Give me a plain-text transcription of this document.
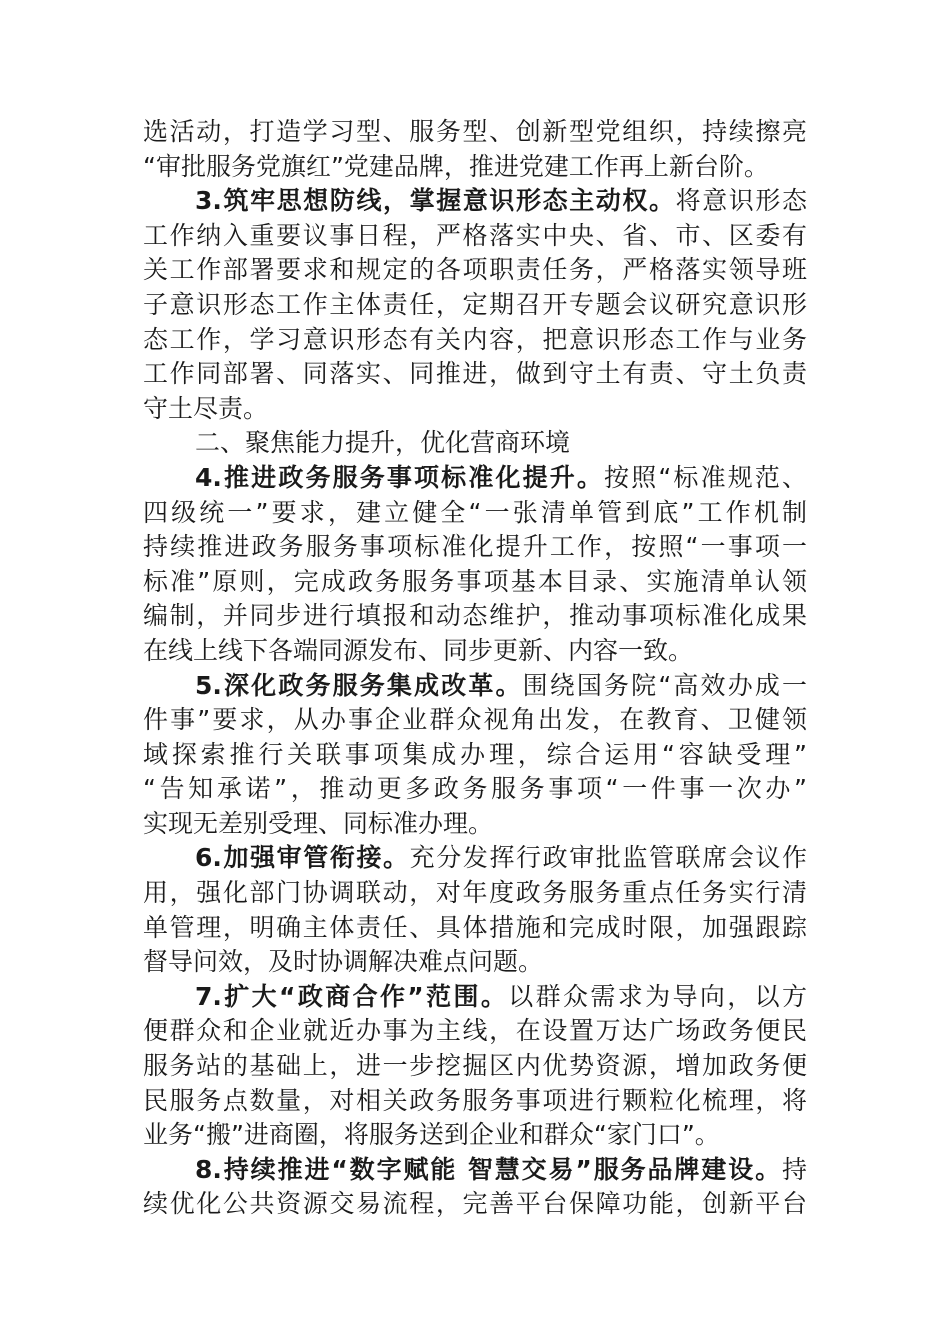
选活动，打造学习型、服务型、创新型党组织，持续擦亮
“审批服务党旗红”党建品牌，推进党建工作再上新台阶。
3.筑牢思想防线，掌握意识形态主动权。将意识形态
工作纳入重要议事日程，严格落实中央、省、市、区委有
关工作部署要求和规定的各项职责任务，严格落实领导班
子意识形态工作主体责任，定期召开专题会议研究意识形
态工作，学习意识形态有关内容，把意识形态工作与业务
工作同部署、同落实、同推进，做到守土有责、守土负责
守土尽责。
二、聚焦能力提升，优化营商环境
4.推进政务服务事项标准化提升。按照“标准规范、
四级统一”要求，建立健全“一张清单管到底”工作机制
持续推进政务服务事项标准化提升工作，按照“一事项一
标准”原则，完成政务服务事项基本目录、实施清单认领
编制，并同步进行填报和动态维护，推动事项标准化成果
在线上线下各端同源发布、同步更新、内容一致。
5.深化政务服务集成改革。围绕国务院“高效办成一
件事”要求，从办事企业群众视角出发，在教育、卫健领
域探索推行关联事项集成办理，综合运用“容缺受理”
“告知承诺”，推动更多政务服务事项“一件事一次办”
实现无差别受理、同标准办理。
6.加强审管衔接。充分发挥行政审批监管联席会议作
用，强化部门协调联动，对年度政务服务重点任务实行清
单管理，明确主体责任、具体措施和完成时限，加强跟踪
督导问效，及时协调解决难点问题。
7.扩大“政商合作”范围。以群众需求为导向，以方
便群众和企业就近办事为主线，在设置万达广场政务便民
服务站的基础上，进一步挖掘区内优势资源，增加政务便
民服务点数量，对相关政务服务事项进行颗粒化梳理，将
业务“搬”进商圈，将服务送到企业和群众“家门口”。
8.持续推进“数字赋能 智慧交易”服务品牌建设。持
续优化公共资源交易流程，完善平台保障功能，创新平台
